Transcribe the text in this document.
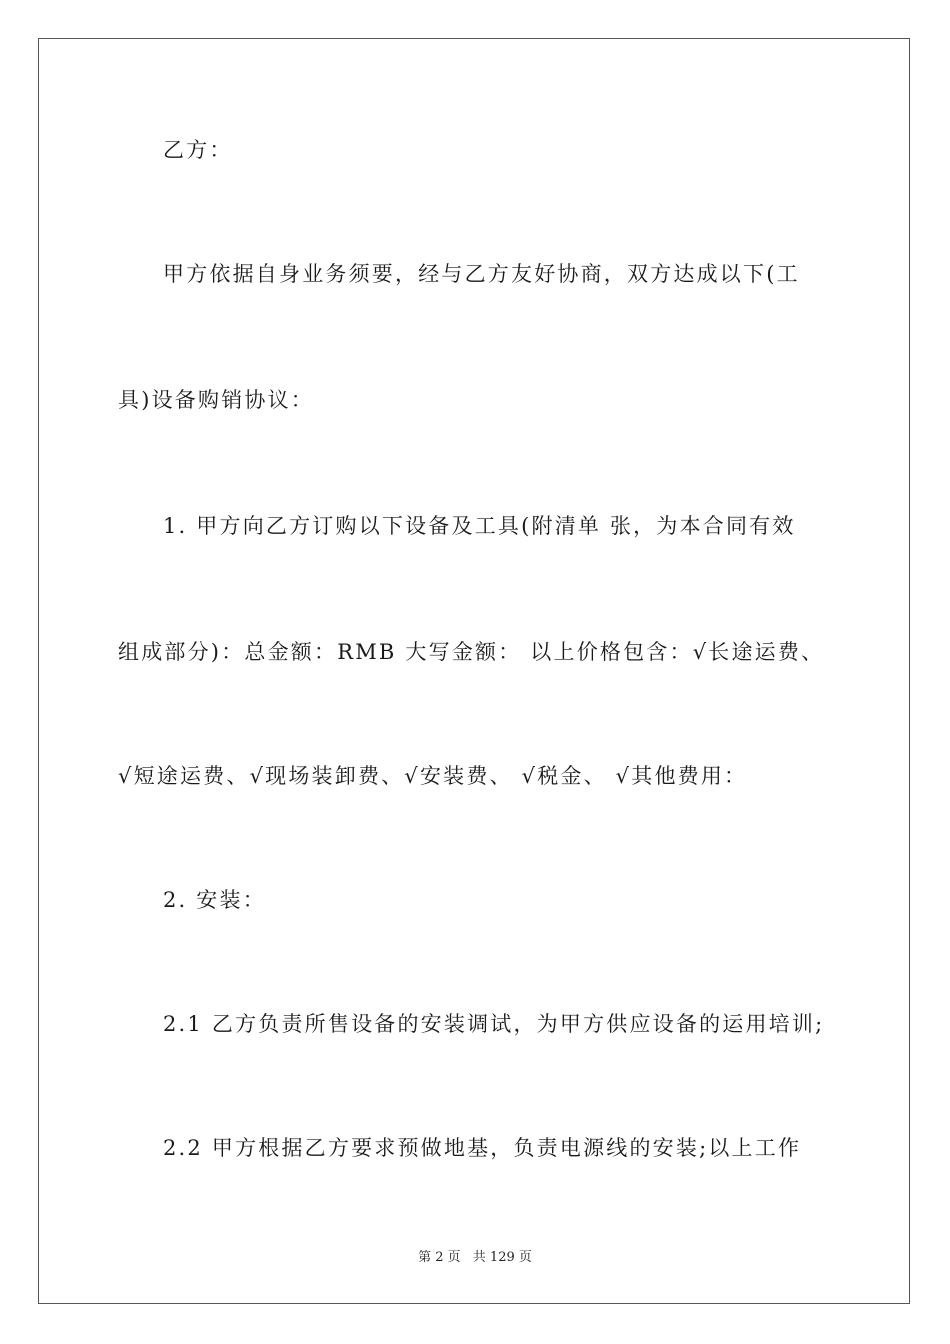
乙方：
甲方依据自身业务须要，经与乙方友好协商，双方达成以下(工
具)设备购销协议：
1. 甲方向乙方订购以下设备及工具(附清单 张，为本合同有效
组成部分)：总金额：RMB 大写金额： 以上价格包含：√长途运费、
√短途运费、√现场装卸费、√安装费、 √税金、 √其他费用：
2. 安装：
2.1 乙方负责所售设备的安装调试，为甲方供应设备的运用培训;
2.2 甲方根据乙方要求预做地基，负责电源线的安装;以上工作
第 2 页 共 129 页
